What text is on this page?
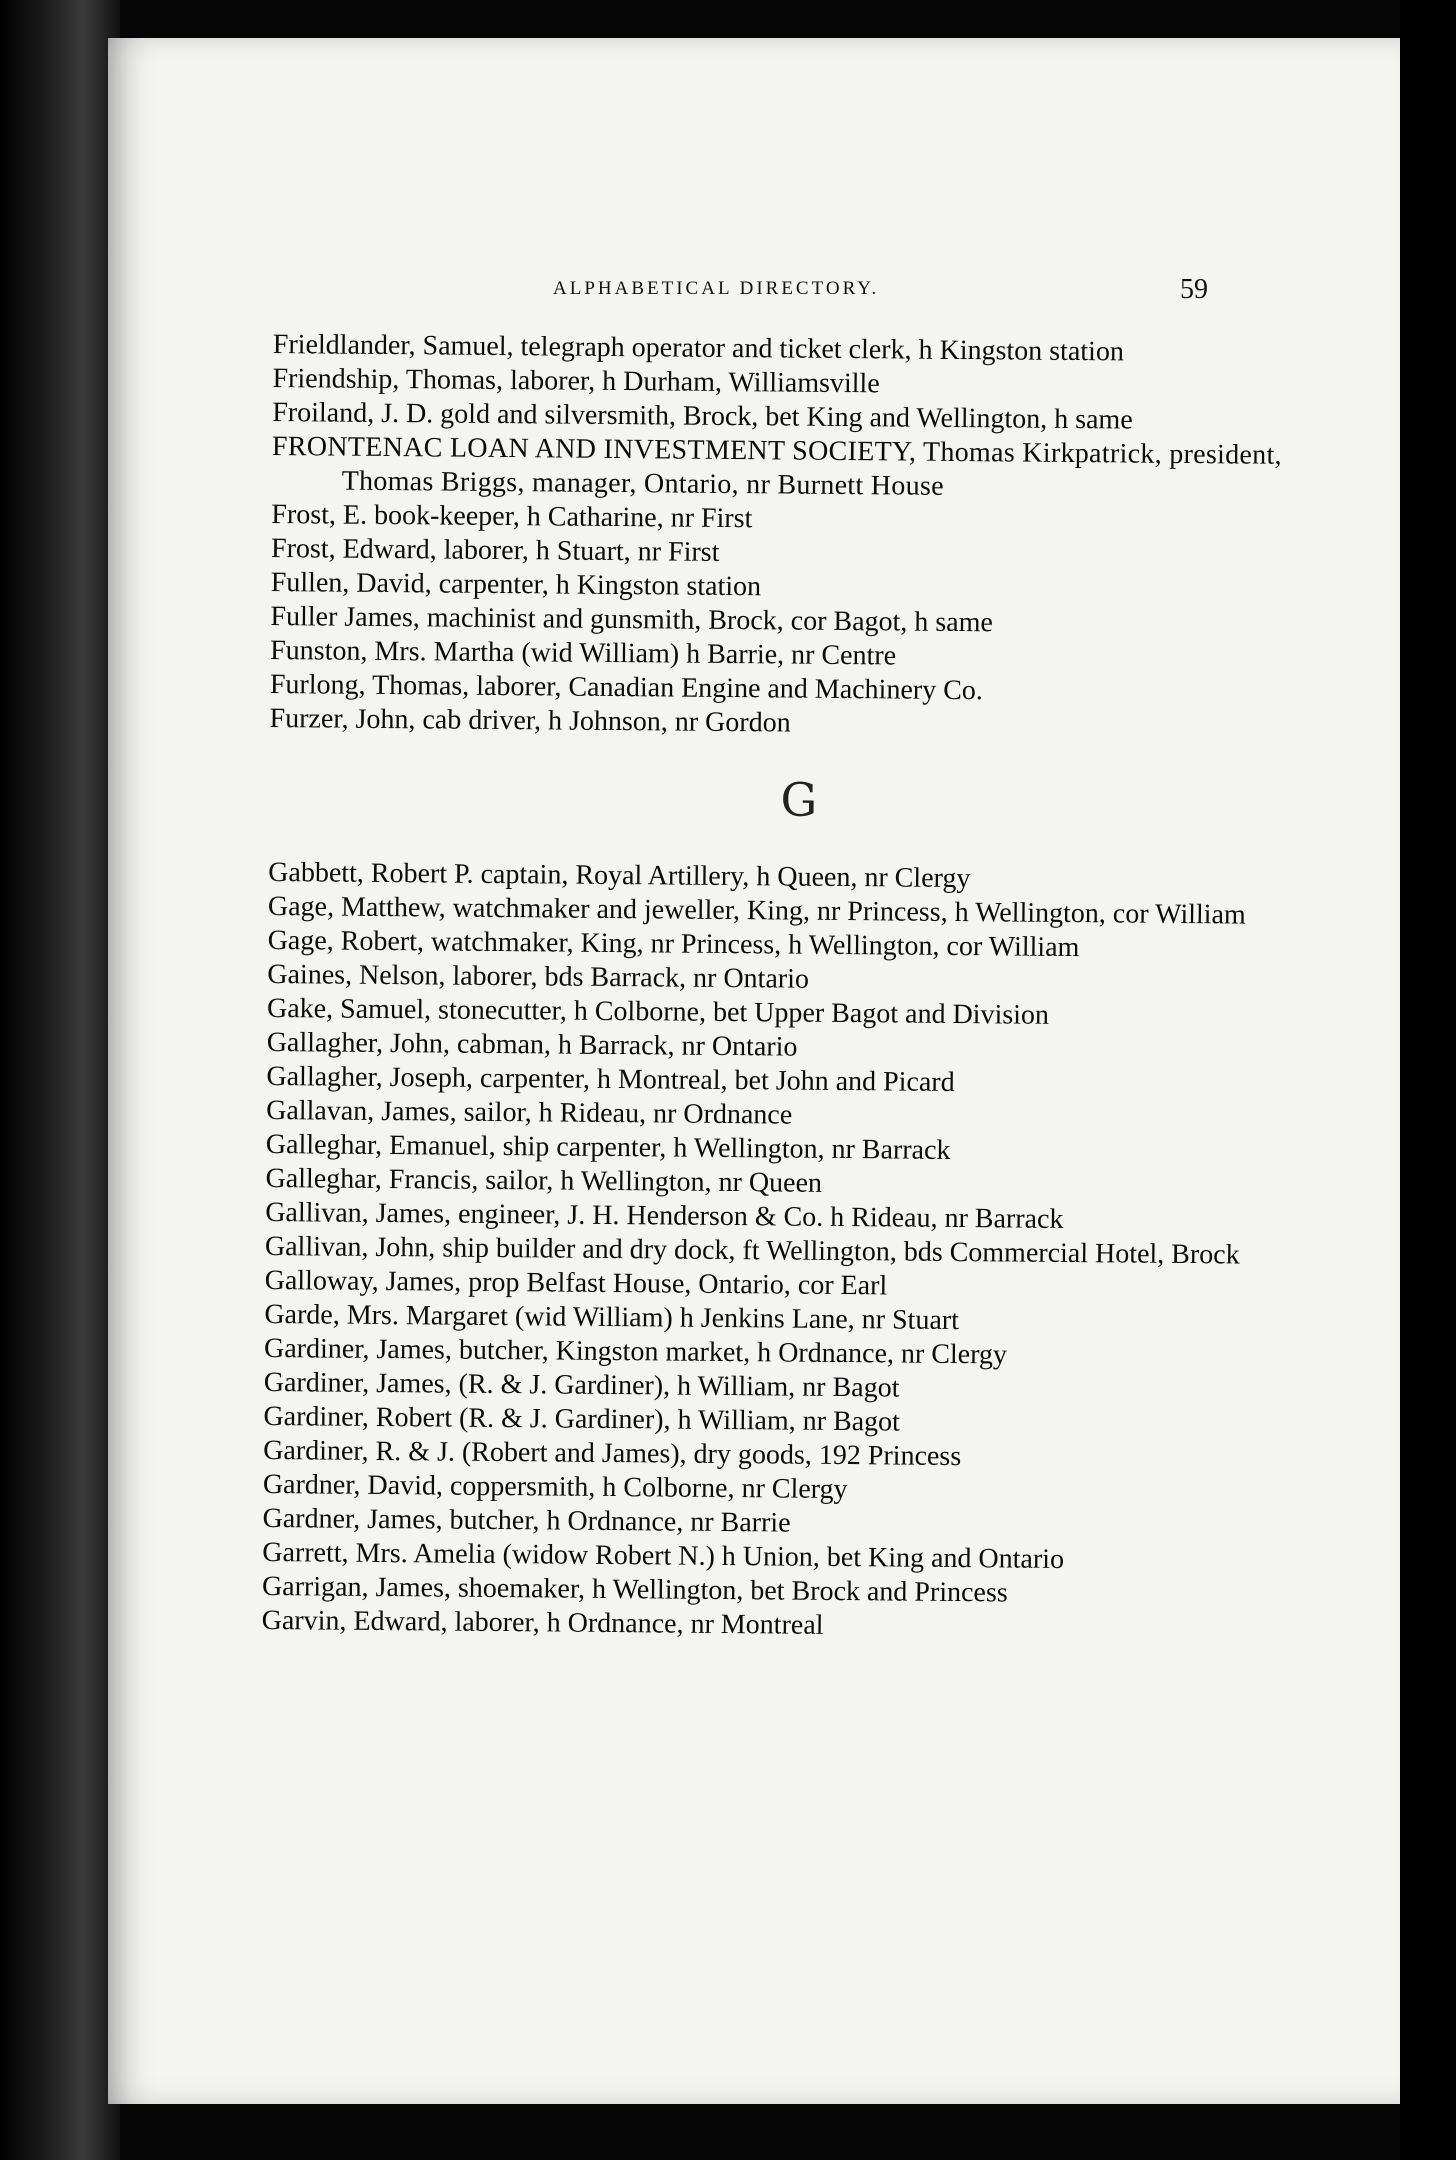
ALPHABETICAL DIRECTORY.	59

Frieldlander, Samuel, telegraph operator and ticket clerk, h Kingston station

Friendship, Thomas, laborer, h Durham, Williamsville

Froiland, J. D. gold and silversmith, Brock, bet King and Wellington, h same

FRONTENAC LOAN AND INVESTMENT SOCIETY, Thomas Kirkpatrick, president, Thomas Briggs, manager, Ontario, nr Burnett House

Frost, E. book-keeper, h Catharine, nr First

Frost, Edward, laborer, h Stuart, nr First

Fullen, David, carpenter, h Kingston station

Fuller James, machinist and gunsmith, Brock, cor Bagot, h same

Funston, Mrs. Martha (wid William) h Barrie, nr Centre

Furlong, Thomas, laborer, Canadian Engine and Machinery Co.

Furzer, John, cab driver, h Johnson, nr Gordon

G

Gabbett, Robert P. captain, Royal Artillery, h Queen, nr Clergy

Gage, Matthew, watchmaker and jeweller, King, nr Princess, h Wellington, cor William

Gage, Robert, watchmaker, King, nr Princess, h Wellington, cor William

Gaines, Nelson, laborer, bds Barrack, nr Ontario

Gake, Samuel, stonecutter, h Colborne, bet Upper Bagot and Division

Gallagher, John, cabman, h Barrack, nr Ontario

Gallagher, Joseph, carpenter, h Montreal, bet John and Picard

Gallavan, James, sailor, h Rideau, nr Ordnance

Galleghar, Emanuel, ship carpenter, h Wellington, nr Barrack

Galleghar, Francis, sailor, h Wellington, nr Queen

Gallivan, James, engineer, J. H. Henderson & Co. h Rideau, nr Barrack

Gallivan, John, ship builder and dry dock, ft Wellington, bds Commercial Hotel, Brock

Galloway, James, prop Belfast House, Ontario, cor Earl

Garde, Mrs. Margaret (wid William) h Jenkins Lane, nr Stuart

Gardiner, James, butcher, Kingston market, h Ordnance, nr Clergy

Gardiner, James, (R. & J. Gardiner), h William, nr Bagot

Gardiner, Robert (R. & J. Gardiner), h William, nr Bagot

Gardiner, R. & J. (Robert and James), dry goods, 192 Princess

Gardner, David, coppersmith, h Colborne, nr Clergy

Gardner, James, butcher, h Ordnance, nr Barrie

Garrett, Mrs. Amelia (widow Robert N.) h Union, bet King and Ontario

Garrigan, James, shoemaker, h Wellington, bet Brock and Princess

Garvin, Edward, laborer, h Ordnance, nr Montreal
